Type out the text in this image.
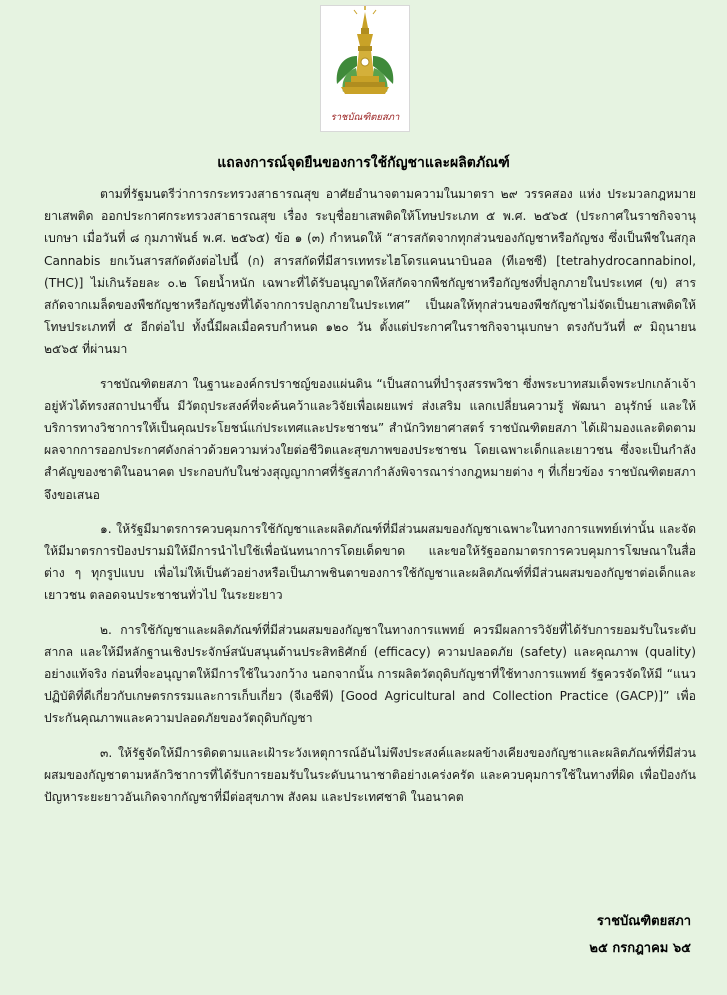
ราชบัณฑิตยสภา
แถลงการณ์จุดยืนของการใช้กัญชาและผลิตภัณฑ์

ตามที่รัฐมนตรีว่าการกระทรวงสาธารณสุข อาศัยอำนาจตามความในมาตรา ๒๙ วรรคสอง แห่ง ประมวลกฎหมายยาเสพติด ออกประกาศกระทรวงสาธารณสุข เรื่อง ระบุชื่อยาเสพติดให้โทษประเภท ๕ พ.ศ. ๒๕๖๕ (ประกาศในราชกิจจานุเบกษา เมื่อวันที่ ๘ กุมภาพันธ์ พ.ศ. ๒๕๖๕) ข้อ ๑ (๓) กำหนดให้ “สารสกัดจากทุกส่วนของกัญชาหรือกัญชง ซึ่งเป็นพืชในสกุล Cannabis ยกเว้นสารสกัดดังต่อไปนี้ (ก) สารสกัดที่มีสารเททระไฮโดรแคนนาบินอล (ทีเอชซี) [tetrahydrocannabinol, (THC)] ไม่เกินร้อยละ ๐.๒ โดยน้ำหนัก เฉพาะที่ได้รับอนุญาตให้สกัดจากพืชกัญชาหรือกัญชงที่ปลูกภายในประเทศ (ข) สารสกัดจากเมล็ดของพืชกัญชาหรือกัญชงที่ได้จากการปลูกภายในประเทศ” เป็นผลให้ทุกส่วนของพืชกัญชาไม่จัดเป็นยาเสพติดให้โทษประเภทที่ ๕ อีกต่อไป ทั้งนี้มีผลเมื่อครบกำหนด ๑๒๐ วัน ตั้งแต่ประกาศในราชกิจจานุเบกษา ตรงกับวันที่ ๙ มิถุนายน ๒๕๖๕ ที่ผ่านมา

ราชบัณฑิตยสภา ในฐานะองค์กรปราชญ์ของแผ่นดิน “เป็นสถานที่บำรุงสรรพวิชา ซึ่งพระบาทสมเด็จพระปกเกล้าเจ้าอยู่หัวได้ทรงสถาปนาขึ้น มีวัตถุประสงค์ที่จะค้นคว้าและวิจัยเพื่อเผยแพร่ ส่งเสริม แลกเปลี่ยนความรู้ พัฒนา อนุรักษ์ และให้บริการทางวิชาการให้เป็นคุณประโยชน์แก่ประเทศและประชาชน” สำนักวิทยาศาสตร์ ราชบัณฑิตยสภา ได้เฝ้ามองและติดตามผลจากการออกประกาศดังกล่าวด้วยความห่วงใยต่อชีวิตและสุขภาพของประชาชน โดยเฉพาะเด็กและเยาวชน ซึ่งจะเป็นกำลังสำคัญของชาติในอนาคต ประกอบกับในช่วงสุญญากาศที่รัฐสภากำลังพิจารณาร่างกฎหมายต่าง ๆ ที่เกี่ยวข้อง ราชบัณฑิตยสภา จึงขอเสนอ

๑. ให้รัฐมีมาตรการควบคุมการใช้กัญชาและผลิตภัณฑ์ที่มีส่วนผสมของกัญชาเฉพาะในทางการแพทย์เท่านั้น และจัดให้มีมาตรการป้องปรามมิให้มีการนำไปใช้เพื่อนันทนาการโดยเด็ดขาด และขอให้รัฐออกมาตรการควบคุมการโฆษณาในสื่อต่าง ๆ ทุกรูปแบบ เพื่อไม่ให้เป็นตัวอย่างหรือเป็นภาพชินตาของการใช้กัญชาและผลิตภัณฑ์ที่มีส่วนผสมของกัญชาต่อเด็กและเยาวชน ตลอดจนประชาชนทั่วไป ในระยะยาว

๒. การใช้กัญชาและผลิตภัณฑ์ที่มีส่วนผสมของกัญชาในทางการแพทย์ ควรมีผลการวิจัยที่ได้รับการยอมรับในระดับสากล และให้มีหลักฐานเชิงประจักษ์สนับสนุนด้านประสิทธิศักย์ (efficacy) ความปลอดภัย (safety) และคุณภาพ (quality) อย่างแท้จริง ก่อนที่จะอนุญาตให้มีการใช้ในวงกว้าง นอกจากนั้น การผลิตวัตถุดิบกัญชาที่ใช้ทางการแพทย์ รัฐควรจัดให้มี “แนวปฏิบัติที่ดีเกี่ยวกับเกษตรกรรมและการเก็บเกี่ยว (จีเอซีพี) [Good Agricultural and Collection Practice (GACP)]” เพื่อประกันคุณภาพและความปลอดภัยของวัตถุดิบกัญชา

๓. ให้รัฐจัดให้มีการติดตามและเฝ้าระวังเหตุการณ์อันไม่พึงประสงค์และผลข้างเคียงของกัญชาและผลิตภัณฑ์ที่มีส่วนผสมของกัญชาตามหลักวิชาการที่ได้รับการยอมรับในระดับนานาชาติอย่างเคร่งครัด และควบคุมการใช้ในทางที่ผิด เพื่อป้องกันปัญหาระยะยาวอันเกิดจากกัญชาที่มีต่อสุขภาพ สังคม และประเทศชาติ ในอนาคต

ราชบัณฑิตยสภา
๒๕ กรกฎาคม ๖๕
